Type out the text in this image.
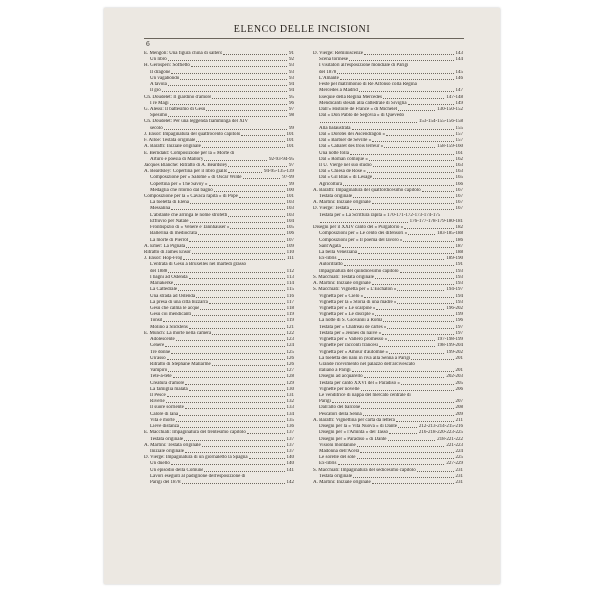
6
ELENCO DELLE INCISIONI
E. Mengoli: Una figura china di saltero	91
Un libro	92
H. Gerosperi: Soffietto	93
Il dragone	93
Un vagabondo	93
A tavola	94
Il gio	94
Ch. Doudelet: Il giardino d'amore	95
I re Magi	96
G. Alessi: Il battesimo di Gesù	97
Spesimo	98
Ch. Doudelet: Per una leggenda fiamminga del XIV
secolo	99
J. Ensor: Impaginatura del quattrocento capitolo	101
F. Alloe: Testata originale	101
A. Baraffi: Iniziale originale	101
E. Berndakt: Composizione per la « Morte di
Arturo e poesia di Mallory	92-93-94-95
Jacques Blanche: Ritratto di A. Beardsley	97
A. Beardsley: Copertina per il libro giallo	94-95-135-139
Composizione per « Salomé » di Oscar Wilde	97-99
Copertina per « The Savoy »	99
Medaglia che ritorno dal bagno	100
Composizione per la « Cavaca rapita » di Pope	101
La toeletta di Elena	103
Messalina	103
L'abitante che arringa le nome strofetti	103
Effluvio per Natale	104
Frontispizio di « Venere e Tannhäuser »	105
Ballerina di mediocrata	106
La morte di Pierrot	107
A. Emer: La Pignata	109
Ritratto di James Ensor	110
J. Ensor: Hop-Frog	111
L'entrata di Gesù a Bruxelles nel martedì grasso
del 1888	112
I bagni ad Ostenda	113
Mariakerke	114
La Cattedrale	115
Una strada ad Ostenda	116
La presa di una città bizzarra	117
Gesù che calma le acque	118
Gesù coi mendicanti	119
Tonsil	119
Molino a Slicktens	121
E. Münch: La morte nella camera	122
Adolescente	123
Cenere	124
Tre donne	125
Un'asso	126
Ritratto di Stéphane Mallarmé	126
Vampiro	127
Tête-à-tête	128
Creatura d'amore	129
La famiglia malata	130
Il Pesce	131
Riverie	132
Il suore sorriente	133
Calore di lana	134
Vita e morte	135
Lieve distanza	136
E. Macchiati: Impaginatura del trentesimo capitolo	137
Testata originale	137
A. Martini: Testata originale	137
Iniziale originale	137
D. Vierge: Impaginatura di un giornaletto la Spagna	140
Un duello	140
Un episodio della Comune	141
Lavori eseguiti al padiglione dell'esposizione di
Parigi del 1878	142
D. Vierge: Reminiscenze	143
Scena torinese	144
I visitatori all'esposizione mondiale di Parigi
del 1878	145
L'Amante	146
Feste pel matrimonio di Re Alfonso colla Regina
Mercedes a Madrid	147
Esequie della Regina Mercedes	147-148
Mendicanti stesati alla cattedrale di Siviglia	149
Dall'« Histoire de France » di Michelet	130-150-152
Dal « Don Pablo de Segovia » di Quevedo
153-154-155-156-158
Alla balaustrata	155
Dal « Dorotei dei Ascendragon »	157
Dal « Barbier de Séville »	157
Dal « Cabaret des trois terreur »	158-159-160
Una notte folla	161
Dal « Roman comique »	162
Il U. Vierge nel suo studio	163
Dal « Chiesa de Rose »	163
Dal « Gil Blas » di Lesage	165
Agricoltura	166
A. Baraffi: Impaginatura del quattordicesimo capitolo	167
Testata originale	167
A. Martini: Iniziale originale	167
D. Vierge: Testata	167
Testata per « La Scrittura rapita » 170-171-172-173-174-175
176-177-178-179-180-181
Disegni per il XXIV canto del « Purgatorio »	182
Composizioni per « Le cento dei difensori »	183-185-188
Composizioni per « Il poema del lavoro »	186
Sant'Agata	187
La bella Veneziana	188
Ex-libris	189-190
Autoritratto	191
Impaginatura del quindicesimo capitolo	193
S. Macchiati: Testata originale	193
A. Martini: Iniziale originale	193
S. Macchiati: Vignetta per « L'Eschaton »	194-197
Vignetta per « Cielo »	194
Vignetta per la « Storia di una madre »	193
Vignetta per « Le scarpine »	196-202
Vignetta per « Le disciple »	199
La notte di S. Giovanni a Roma	196
Testata per « Châtreau de cartes »	197
Testata per « Jeunes du naïve »	197
Vignetta per « Vallero promesso »	197-198-199
Vignette per racconti francesi	198-199-204
Vignetta per « Amour d'automne »	199-202
La toeletta dei nani in riva alla Senna a Parigi	201
Grande ricevimento nel palazzo dell'arcivescato
italiano a Parigi	201
Disegni ad acquarello	202-203
Testata per canto XXVI del « Paradiso »	205
Vignette per novelle	206
Le venditrice di nappa del mercato centrale di
Parigi	207
Dall'alto del balcone	208
Pescatori della Senna	209
A. Baraffi: Vignettina per carta da lettera	211
Disegni per la « Vita Nuova » di Dante	212-213-214-215-216
Disegni per « l'Aminta » del Tasso	216-218-220-223-225
Disegni per « Paradiso » di Dante	218-221-222
Visioni montanine	221-223
Madonna dell'Acera	224
Le sorelle del sole	225
Ex-libris	227-229
S. Macchiati: Impaginatura del sedicesimo capitolo	231
Testata originale	231
A. Martini: Iniziale originale	231
